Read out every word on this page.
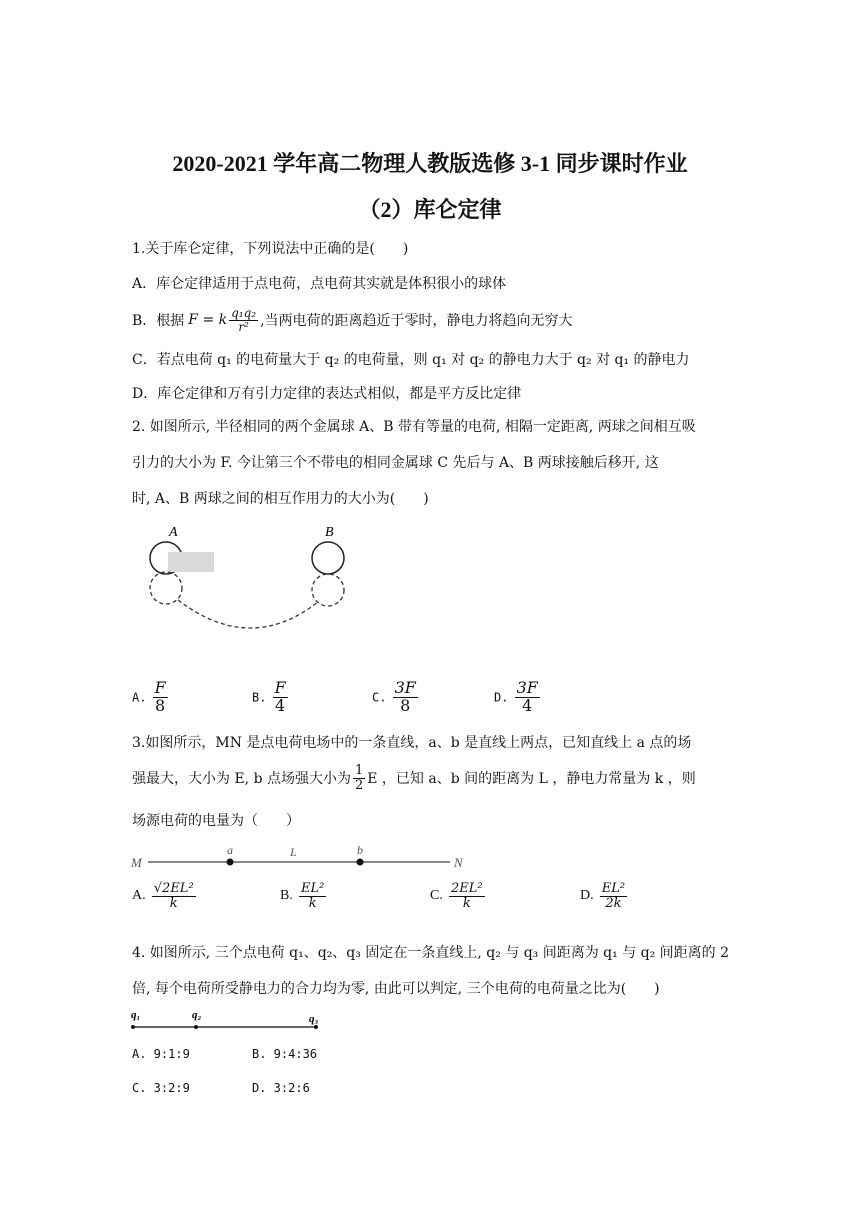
2020-2021 学年高二物理人教版选修 3-1 同步课时作业
（2）库仑定律
1.关于库仑定律，下列说法中正确的是(　　)
A．库仑定律适用于点电荷，点电荷其实就是体积很小的球体
B．根据 F = k $\frac{\text{q₁q₂}}{\text{r²}}$ ,当两电荷的距离趋近于零时，静电力将趋向无穷大
C．若点电荷 q₁ 的电荷量大于 q₂ 的电荷量，则 q₁ 对 q₂ 的静电力大于 q₂ 对 q₁ 的静电力
D．库仑定律和万有引力定律的表达式相似，都是平方反比定律
2. 如图所示, 半径相同的两个金属球 A、B 带有等量的电荷, 相隔一定距离, 两球之间相互吸
引力的大小为 F. 今让第三个不带电的相同金属球 C 先后与 A、B 两球接触后移开, 这
时, A、B 两球之间的相互作用力的大小为(　　)
A	B
A. $\frac{F}{8}$	B. $\frac{F}{4}$	C. $\frac{3F}{8}$	D. $\frac{3F}{4}$
3.如图所示，MN 是点电荷电场中的一条直线，a、b 是直线上两点，已知直线上 a 点的场
强最大，大小为 E, b 点场强大小为 $\frac{1}{2}$ E ，已知 a、b 间的距离为 L ，静电力常量为 k ，则
场源电荷的电量为（　　）
M	N
a	b
L
A. $\frac{\text{√2EL²}}{k}$	B. $\frac{\text{EL²}}{k}$	C. $\frac{\text{2EL²}}{k}$	D. $\frac{\text{EL²}}{2k}$
4. 如图所示, 三个点电荷 q₁、q₂、q₃ 固定在一条直线上, q₂ 与 q₃ 间距离为 q₁ 与 q₂ 间距离的 2
倍, 每个电荷所受静电力的合力均为零, 由此可以判定, 三个电荷的电荷量之比为(　　)
q₁	q₂	q₃
A. 9:1:9	B. 9:4:36
C. 3:2:9	D. 3:2:6
